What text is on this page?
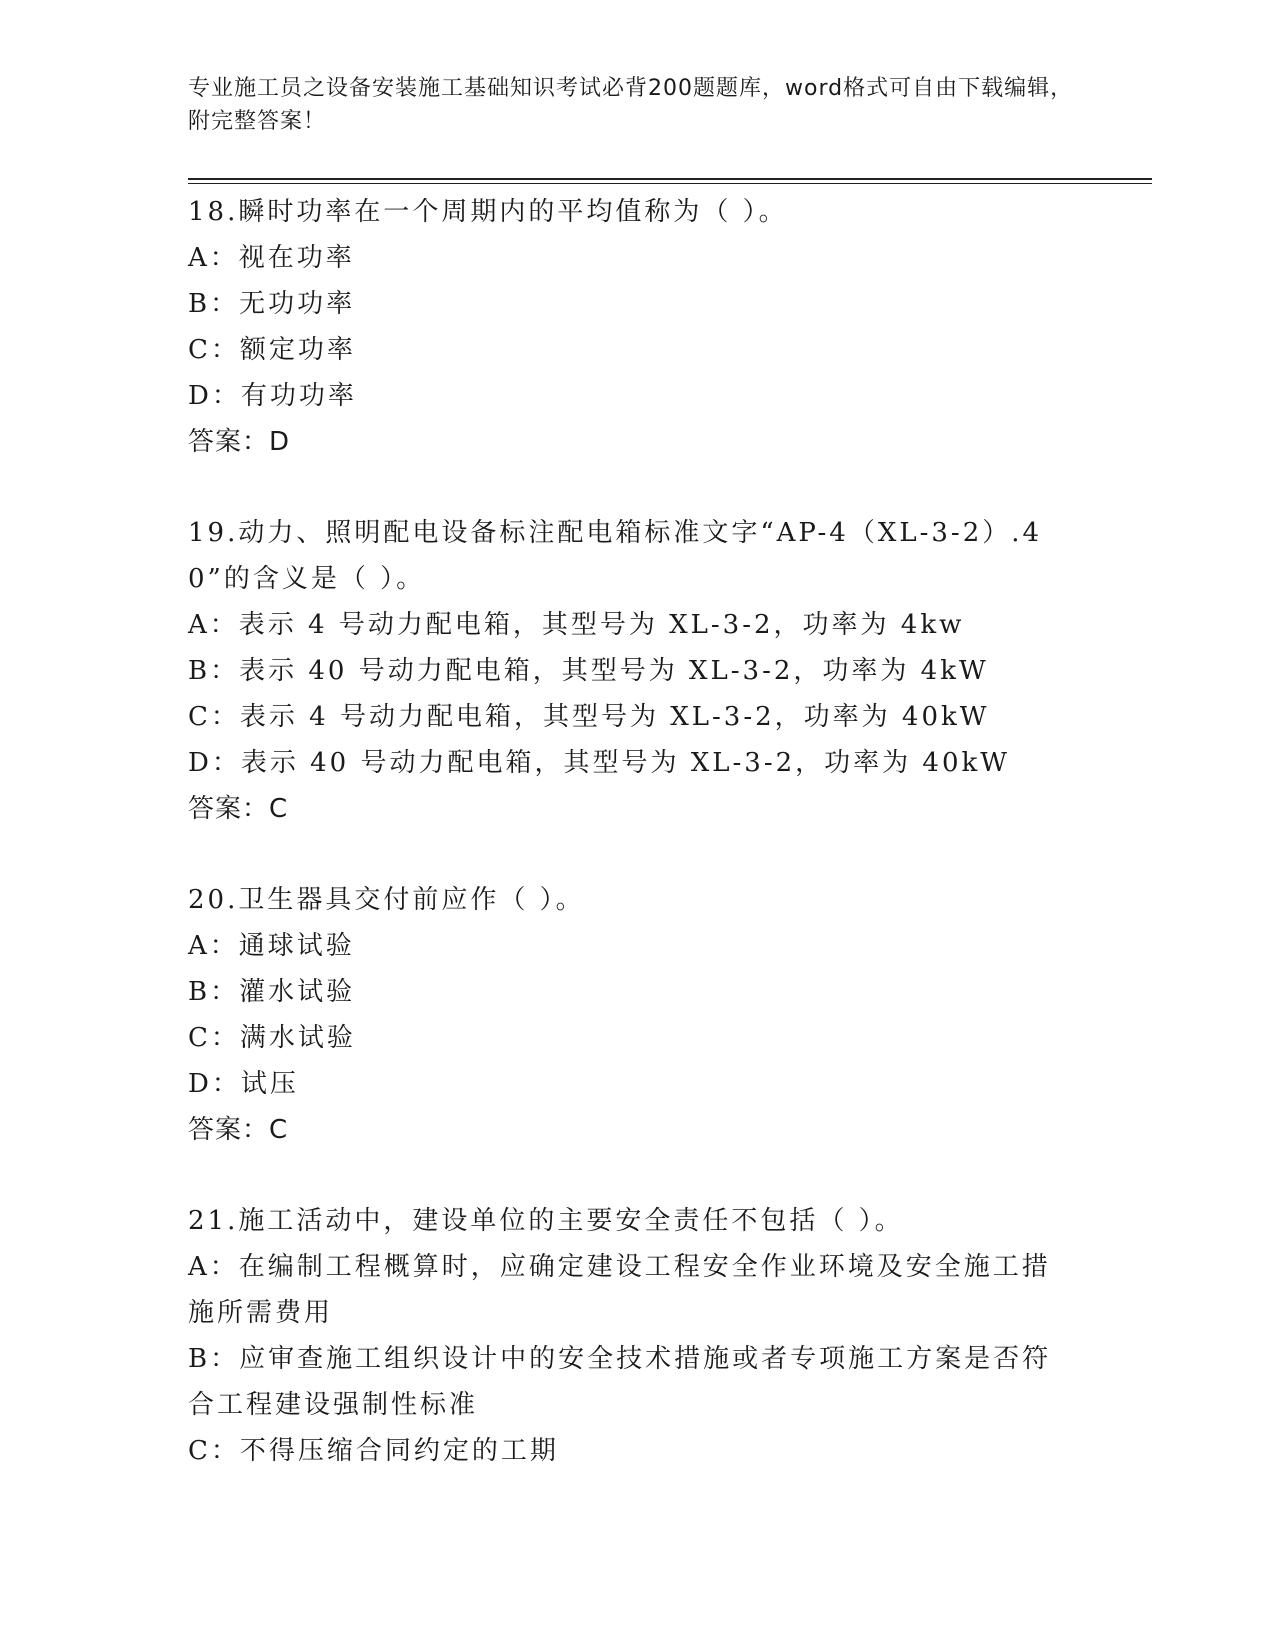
专业施工员之设备安装施工基础知识考试必背200题题库，word格式可自由下载编辑，附完整答案！
18.瞬时功率在一个周期内的平均值称为（ ）。
A：视在功率
B：无功功率
C：额定功率
D：有功功率
答案：D
19.动力、照明配电设备标注配电箱标准文字“AP-4（XL-3-2）.40”的含义是（ ）。
A：表示 4 号动力配电箱，其型号为 XL-3-2，功率为 4kw
B：表示 40 号动力配电箱，其型号为 XL-3-2，功率为 4kW
C：表示 4 号动力配电箱，其型号为 XL-3-2，功率为 40kW
D：表示 40 号动力配电箱，其型号为 XL-3-2，功率为 40kW
答案：C
20.卫生器具交付前应作（ ）。
A：通球试验
B：灌水试验
C：满水试验
D：试压
答案：C
21.施工活动中，建设单位的主要安全责任不包括（ ）。
A：在编制工程概算时，应确定建设工程安全作业环境及安全施工措施所需费用
B：应审查施工组织设计中的安全技术措施或者专项施工方案是否符合工程建设强制性标准
C：不得压缩合同约定的工期
